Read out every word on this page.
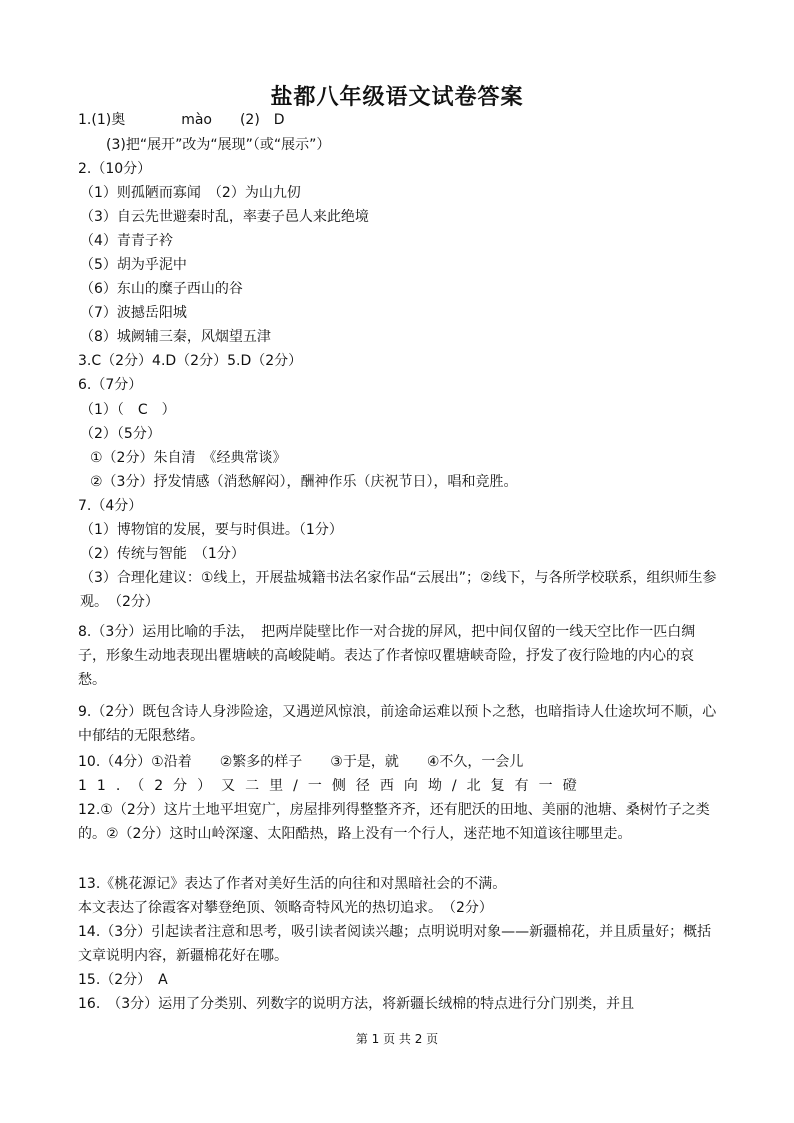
盐都八年级语文试卷答案
1.(1)奥　　　　mào　　(2)　D
(3)把“展开”改为“展现”（或“展示”）
2.（10分）
（1）则孤陋而寡闻　（2）为山九仞
（3）自云先世避秦时乱，率妻子邑人来此绝境
（4）青青子衿
（5）胡为乎泥中
（6）东山的糜子西山的谷
（7）波撼岳阳城
（8）城阙辅三秦，风烟望五津
3.C（2分）4.D（2分）5.D（2分）
6.（7分）
（1）（　C　）
（2）（5分）
①（2分）朱自清　《经典常谈》
②（3分）抒发情感（消愁解闷），酬神作乐（庆祝节日），唱和竞胜。
7.（4分）
（1）博物馆的发展，要与时俱进。（1分）
（2）传统与智能　（1分）
（3）合理化建议：①线上，开展盐城籍书法名家作品“云展出”；②线下，与各所学校联系，组织师生参观。　（2分）
8.（3分）运用比喻的手法，　把两岸陡壁比作一对合拢的屏风，把中间仅留的一线天空比作一匹白绸子，形象生动地表现出瞿塘峡的高峻陡峭。表达了作者惊叹瞿塘峡奇险，抒发了夜行险地的内心的哀愁。
9.（2分）既包含诗人身涉险途，又遇逆风惊浪，前途命运难以预卜之愁，也暗指诗人仕途坎坷不顺，心中郁结的无限愁绪。
10.（4分）①沿着　　②繁多的样子　　③于是，就　　④不久，一会儿
11.（2分）又二里/一侧径西向坳/北复有一磴
12.①（2分）这片土地平坦宽广，房屋排列得整整齐齐，还有肥沃的田地、美丽的池塘、桑树竹子之类的。②（2分）这时山岭深邃、太阳酷热，路上没有一个行人，迷茫地不知道该往哪里走。
13.《桃花源记》表达了作者对美好生活的向往和对黑暗社会的不满。
本文表达了徐霞客对攀登绝顶、领略奇特风光的热切追求。　（2分）
14.（3分）引起读者注意和思考，吸引读者阅读兴趣；点明说明对象——新疆棉花，并且质量好；概括文章说明内容，新疆棉花好在哪。
15.（2分）　A
16.　（3分）运用了分类别、列数字的说明方法，将新疆长绒棉的特点进行分门别类，并且
第 1 页 共 2 页
